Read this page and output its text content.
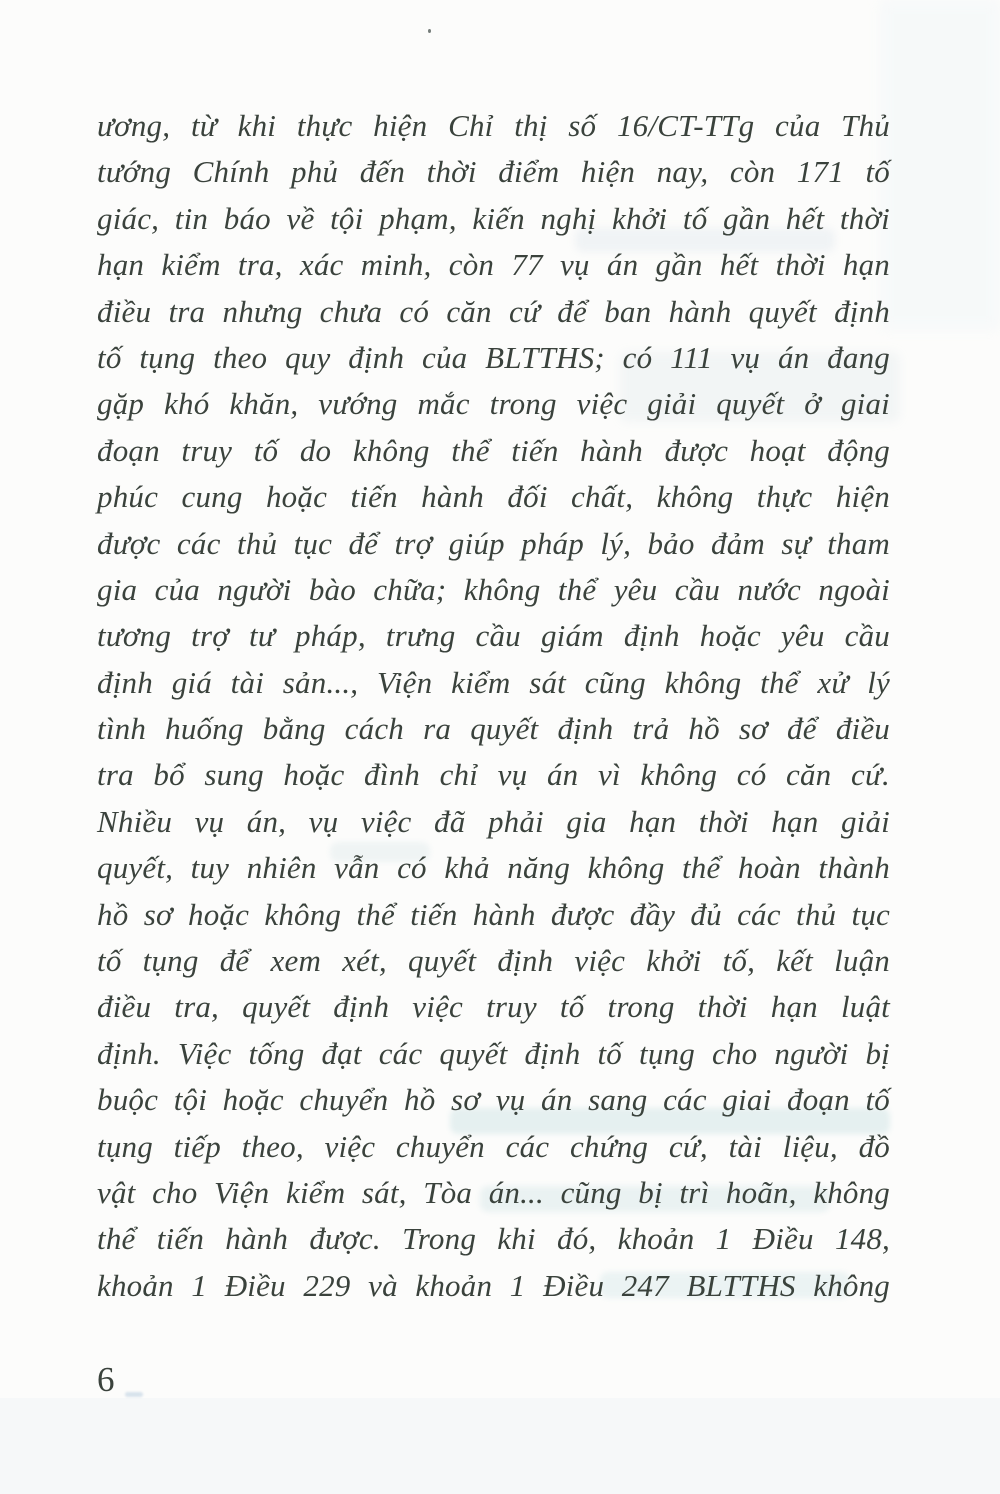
ương, từ khi thực hiện Chỉ thị số 16/CT-TTg của Thủ
tướng Chính phủ đến thời điểm hiện nay, còn 171 tố
giác, tin báo về tội phạm, kiến nghị khởi tố gần hết thời
hạn kiểm tra, xác minh, còn 77 vụ án gần hết thời hạn
điều tra nhưng chưa có căn cứ để ban hành quyết định
tố tụng theo quy định của BLTTHS; có 111 vụ án đang
gặp khó khăn, vướng mắc trong việc giải quyết ở giai
đoạn truy tố do không thể tiến hành được hoạt động
phúc cung hoặc tiến hành đối chất, không thực hiện
được các thủ tục để trợ giúp pháp lý, bảo đảm sự tham
gia của người bào chữa; không thể yêu cầu nước ngoài
tương trợ tư pháp, trưng cầu giám định hoặc yêu cầu
định giá tài sản..., Viện kiểm sát cũng không thể xử lý
tình huống bằng cách ra quyết định trả hồ sơ để điều
tra bổ sung hoặc đình chỉ vụ án vì không có căn cứ.
Nhiều vụ án, vụ việc đã phải gia hạn thời hạn giải
quyết, tuy nhiên vẫn có khả năng không thể hoàn thành
hồ sơ hoặc không thể tiến hành được đầy đủ các thủ tục
tố tụng để xem xét, quyết định việc khởi tố, kết luận
điều tra, quyết định việc truy tố trong thời hạn luật
định. Việc tống đạt các quyết định tố tụng cho người bị
buộc tội hoặc chuyển hồ sơ vụ án sang các giai đoạn tố
tụng tiếp theo, việc chuyển các chứng cứ, tài liệu, đồ
vật cho Viện kiểm sát, Tòa án... cũng bị trì hoãn, không
thể tiến hành được. Trong khi đó, khoản 1 Điều 148,
khoản 1 Điều 229 và khoản 1 Điều 247 BLTTHS không
6
